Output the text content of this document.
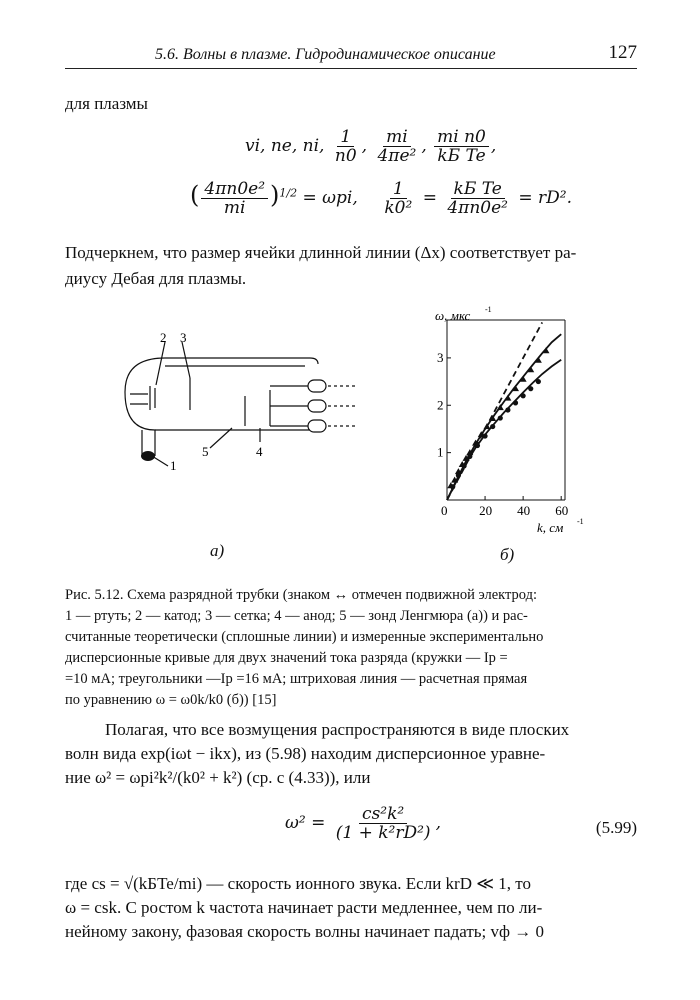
5.6. Волны в плазме. Гидродинамическое описание	127
для плазмы
vi, ne, ni, $\frac{1}{n0}$ , $\frac{mi}{\text{4πe²}}$ , $\frac{\text{mi n0}}{\text{kБ Te}}$ ,
( $\frac{\text{4πn0e²}}{mi} )^{1/2} = \omega pi$, $\frac{1}{\text{k0²}} = \frac{\text{kБ Te}}{\text{4πn0e²}} = rD^2$.
Подчеркнем, что размер ячейки длинной линии (Δx) соответствует ра-
диусу Дебая для плазмы.
2 3
5	4
1
а)
ω, мкс -1
k, см -1
1
2
3
0 20 40 60
б)
Рис. 5.12. Схема разрядной трубки (знаком ↔ отмечен подвижной электрод:
1 — ртуть; 2 — катод; 3 — сетка; 4 — анод; 5 — зонд Ленгмюра (а)) и рас-
считанные теоретически (сплошные линии) и измеренные экспериментально
дисперсионные кривые для двух значений тока разряда (кружки — Iр =
=10 мА; треугольники —Iр =16 мА; штриховая линия — расчетная прямая
по уравнению ω = ω0k/k0 (б)) [15]
Полагая, что все возмущения распространяются в виде плоских
волн вида exp(iωt − ikx), из (5.98) находим дисперсионное уравне-
ние ω² = ωpi²k²/(k0² + k²) (ср. с (4.33)), или
$\omega^2 = \frac{\text{cs²k²}}{\text{(1 + k²rD²)}}$ ,	(5.99)
где cs = √(kБTe/mi) — скорость ионного звука. Если krD ≪ 1, то
ω = csk. С ростом k частота начинает расти медленнее, чем по ли-
нейному закону, фазовая скорость волны начинает падать; vф → 0
